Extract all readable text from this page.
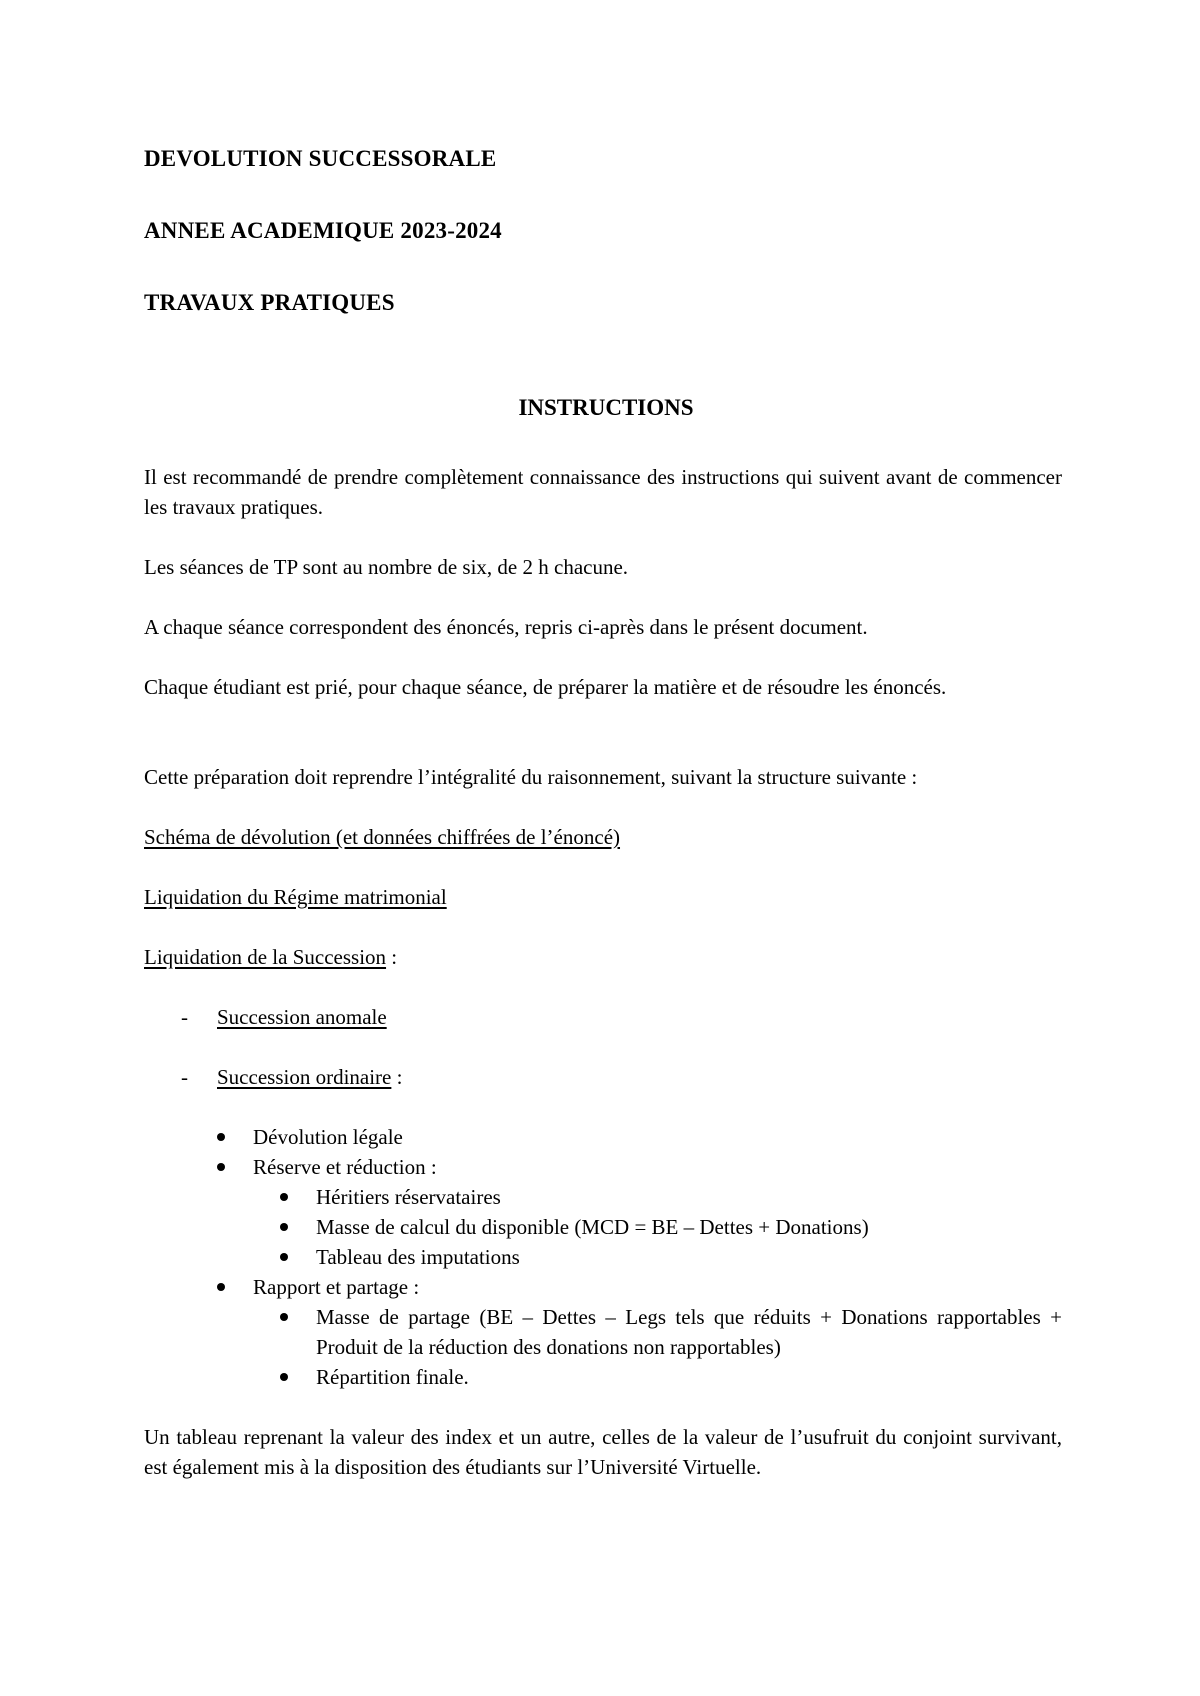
DEVOLUTION SUCCESSORALE
ANNEE ACADEMIQUE 2023-2024
TRAVAUX PRATIQUES
INSTRUCTIONS
Il est recommandé de prendre complètement connaissance des instructions qui suivent avant de commencer les travaux pratiques.
Les séances de TP sont au nombre de six, de 2 h chacune.
A chaque séance correspondent des énoncés, repris ci-après dans le présent document.
Chaque étudiant est prié, pour chaque séance, de préparer la matière et de résoudre les énoncés.
Cette préparation doit reprendre l’intégralité du raisonnement, suivant la structure suivante :
Schéma de dévolution (et données chiffrées de l’énoncé)
Liquidation du Régime matrimonial
Liquidation de la Succession :
- Succession anomale
- Succession ordinaire :
Dévolution légale
Réserve et réduction :
Héritiers réservataires
Masse de calcul du disponible (MCD = BE – Dettes + Donations)
Tableau des imputations
Rapport et partage :
Masse de partage (BE – Dettes – Legs tels que réduits + Donations rapportables + Produit de la réduction des donations non rapportables)
Répartition finale.
Un tableau reprenant la valeur des index et un autre, celles de la valeur de l’usufruit du conjoint survivant, est également mis à la disposition des étudiants sur l’Université Virtuelle.
